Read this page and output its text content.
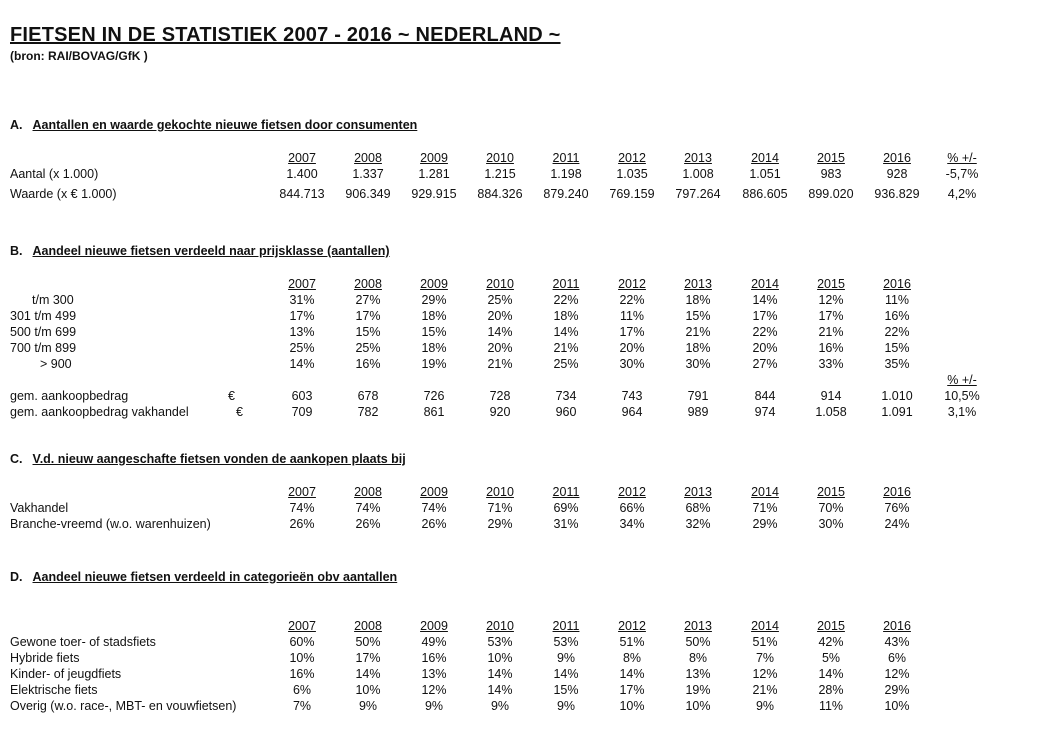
FIETSEN IN DE STATISTIEK 2007 - 2016 ~ NEDERLAND ~
(bron: RAI/BOVAG/GfK )
A. Aantallen en waarde gekochte nieuwe fietsen door consumenten
2007	2008	2009	2010	2011	2012	2013	2014	2015	2016	% +/-
Aantal (x 1.000)	1.400	1.337	1.281	1.215	1.198	1.035	1.008	1.051	983	928	-5,7%
Waarde (x € 1.000)	844.713	906.349	929.915	884.326	879.240	769.159	797.264	886.605	899.020	936.829	4,2%
B. Aandeel nieuwe fietsen verdeeld naar prijsklasse (aantallen)
2007	2008	2009	2010	2011	2012	2013	2014	2015	2016
t/m 300	31%	27%	29%	25%	22%	22%	18%	14%	12%	11%
301 t/m 499	17%	17%	18%	20%	18%	11%	15%	17%	17%	16%
500 t/m 699	13%	15%	15%	14%	14%	17%	21%	22%	21%	22%
700 t/m 899	25%	25%	18%	20%	21%	20%	18%	20%	16%	15%
> 900	14%	16%	19%	21%	25%	30%	30%	27%	33%	35%
% +/-
gem. aankoopbedrag	€	603	678	726	728	734	743	791	844	914	1.010	10,5%
gem. aankoopbedrag vakhandel	€	709	782	861	920	960	964	989	974	1.058	1.091	3,1%
C. V.d. nieuw aangeschafte fietsen vonden de aankopen plaats bij
2007	2008	2009	2010	2011	2012	2013	2014	2015	2016
Vakhandel	74%	74%	74%	71%	69%	66%	68%	71%	70%	76%
Branche-vreemd (w.o. warenhuizen)	26%	26%	26%	29%	31%	34%	32%	29%	30%	24%
D. Aandeel nieuwe fietsen verdeeld in categorieën obv aantallen
2007	2008	2009	2010	2011	2012	2013	2014	2015	2016
Gewone toer- of stadsfiets	60%	50%	49%	53%	53%	51%	50%	51%	42%	43%
Hybride fiets	10%	17%	16%	10%	9%	8%	8%	7%	5%	6%
Kinder- of jeugdfiets	16%	14%	13%	14%	14%	14%	13%	12%	14%	12%
Elektrische fiets	6%	10%	12%	14%	15%	17%	19%	21%	28%	29%
Overig (w.o. race-, MBT- en vouwfietsen)	7%	9%	9%	9%	9%	10%	10%	9%	11%	10%
